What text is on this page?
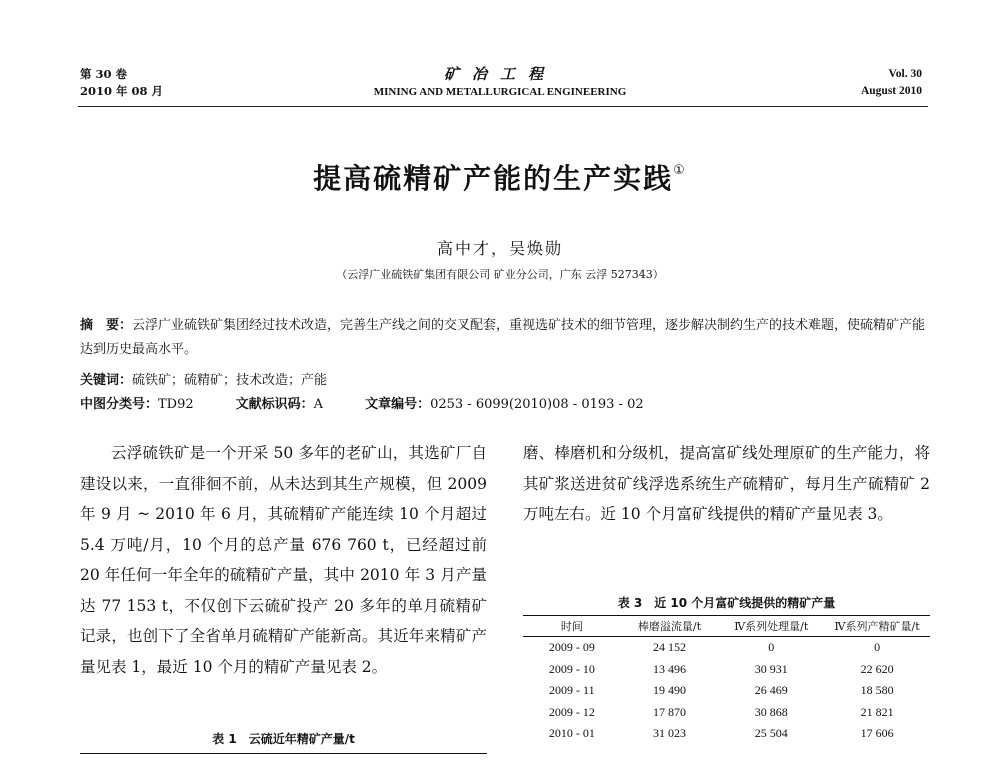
第 30 卷
2010 年 08 月
矿冶工程
MINING AND METALLURGICAL ENGINEERING
Vol. 30
August 2010
提高硫精矿产能的生产实践①
高中才，吴焕勋
（云浮广业硫铁矿集团有限公司 矿业分公司，广东 云浮 527343）
摘　要：云浮广业硫铁矿集团经过技术改造，完善生产线之间的交叉配套，重视选矿技术的细节管理，逐步解决制约生产的技术难题，使硫精矿产能达到历史最高水平。
关键词：硫铁矿；硫精矿；技术改造；产能
中图分类号：TD92	文献标识码：A	文章编号：0253 - 6099(2010)08 - 0193 - 02

云浮硫铁矿是一个开采 50 多年的老矿山，其选矿厂自建设以来，一直徘徊不前，从未达到其生产规模，但 2009 年 9 月 ~ 2010 年 6 月，其硫精矿产能连续 10 个月超过 5.4 万吨/月，10 个月的总产量 676 760 t，已经超过前 20 年任何一年全年的硫精矿产量，其中 2010 年 3 月产量达 77 153 t，不仅创下云硫矿投产 20 多年的单月硫精矿记录，也创下了全省单月硫精矿产能新高。其近年来精矿产量见表 1，最近 10 个月的精矿产量见表 2。

磨、棒磨机和分级机，提高富矿线处理原矿的生产能力，将其矿浆送进贫矿线浮选系统生产硫精矿，每月生产硫精矿 2 万吨左右。近 10 个月富矿线提供的精矿产量见表 3。

表 1　云硫近年精矿产量/t
表 3　近 10 个月富矿线提供的精矿产量
时间	棒磨溢流量/t	Ⅳ系列处理量/t	Ⅳ系列产精矿量/t
2009 - 09	24 152	0	0
2009 - 10	13 496	30 931	22 620
2009 - 11	19 490	26 469	18 580
2009 - 12	17 870	30 868	21 821
2010 - 01	31 023	25 504	17 606
